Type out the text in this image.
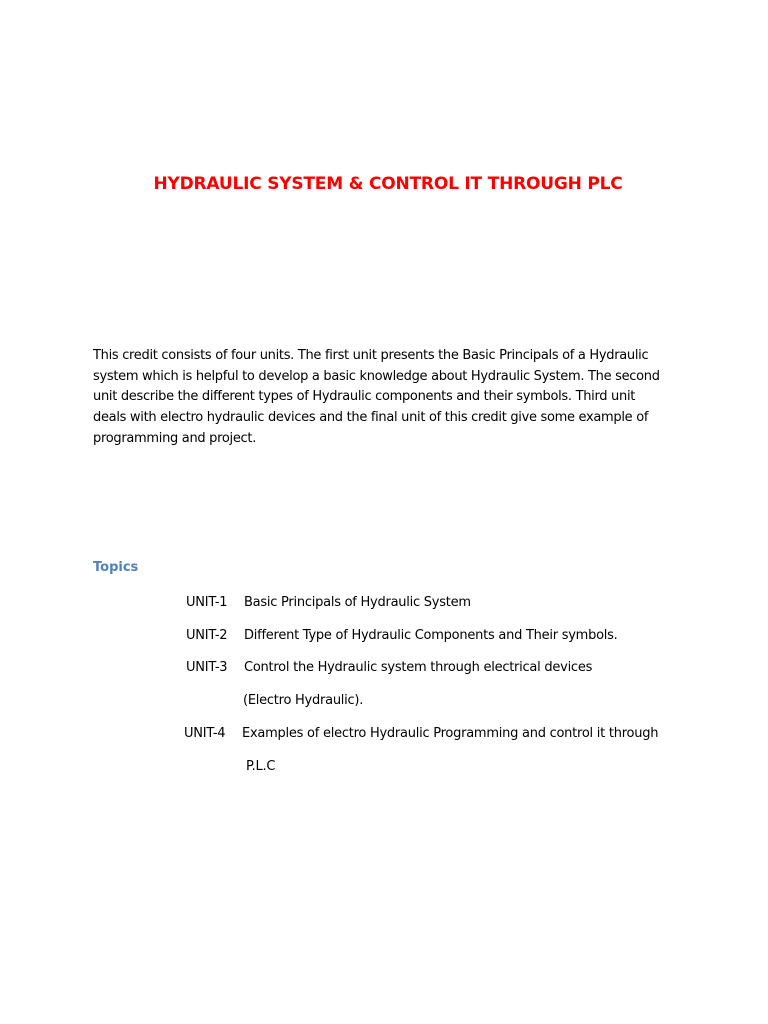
HYDRAULIC SYSTEM & CONTROL IT THROUGH PLC
This credit consists of four units. The first unit presents the Basic Principals of a Hydraulic
system which is helpful to develop a basic knowledge about Hydraulic System. The second
unit describe the different types of Hydraulic components and their symbols. Third unit
deals with electro hydraulic devices and the final unit of this credit give some example of
programming and project.
Topics
UNIT-1 Basic Principals of Hydraulic System
UNIT-2 Different Type of Hydraulic Components and Their symbols.
UNIT-3 Control the Hydraulic system through electrical devices
(Electro Hydraulic).
UNIT-4 Examples of electro Hydraulic Programming and control it through
P.L.C
